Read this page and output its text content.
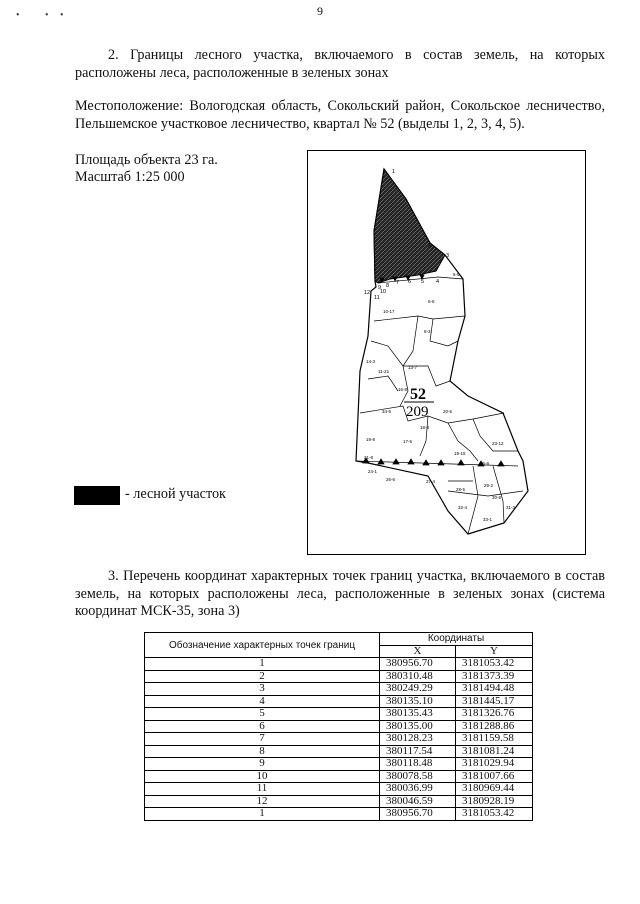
•	• •	9
2. Границы лесного участка, включаемого в состав земель, на которых расположены леса, расположенные в зеленых зонах
Местоположение: Вологодская область, Сокольский район, Сокольское лесничество, Пельшемское участковое лесничество, квартал № 52 (выделы 1, 2, 3, 4, 5).
Площадь объекта 23 га.
Масштаб 1:25 000	1
2
3
4
5
6
7
8
9
10
11
12
5-5
6-6
10-17
8-3
11-21
14-3
13-7
16-8
34-5
18-3
19-8	17-5
20-5
23-12
19-15
25-9
21-8
26-6	27-4
28-5
29-2
30-8
33-1
32-4	31-3
24-1
52
209
- лесной участок
3. Перечень координат характерных точек границ участка, включаемого в состав земель, на которых расположены леса, расположенные в зеленых зонах (система координат МСК-35, зона 3)
Обозначение характерных точек границ	Координаты	
	X	Y
1	380956.70	3181053.42
2	380310.48	3181373.39
3	380249.29	3181494.48
4	380135.10	3181445.17
5	380135.43	3181326.76
6	380135.00	3181288.86
7	380128.23	3181159.58
8	380117.54	3181081.24
9	380118.48	3181029.94
10	380078.58	3181007.66
11	380036.99	3180969.44
12	380046.59	3180928.19
1	380956.70	3181053.42
